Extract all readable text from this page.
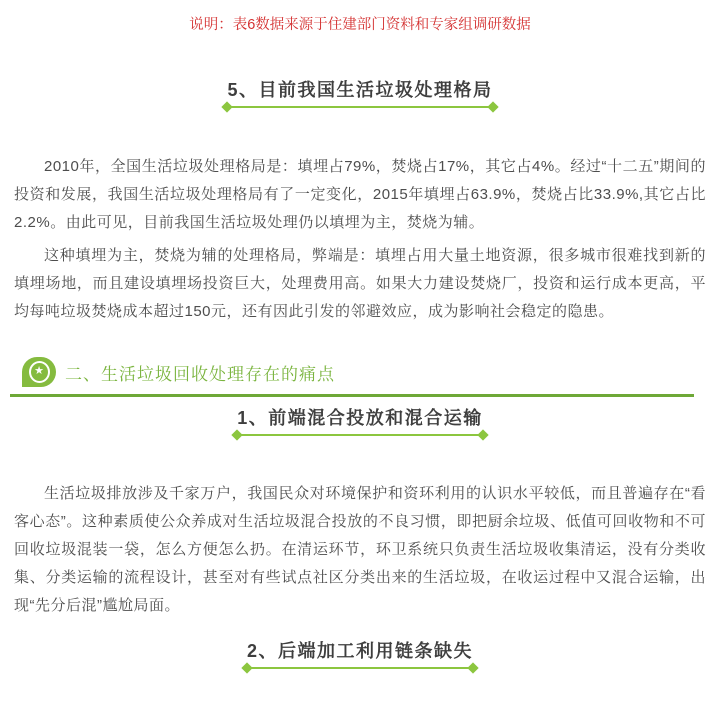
说明：表6数据来源于住建部门资料和专家组调研数据

5、目前我国生活垃圾处理格局

2010年，全国生活垃圾处理格局是：填埋占79%，焚烧占17%，其它占4%。经过“十二五”期间的投资和发展，我国生活垃圾处理格局有了一定变化，2015年填埋占63.9%，焚烧占比33.9%,其它占比2.2%。由此可见，目前我国生活垃圾处理仍以填埋为主，焚烧为辅。

这种填埋为主，焚烧为辅的处理格局，弊端是：填埋占用大量土地资源，很多城市很难找到新的填埋场地，而且建设填埋场投资巨大，处理费用高。如果大力建设焚烧厂，投资和运行成本更高，平均每吨垃圾焚烧成本超过150元，还有因此引发的邻避效应，成为影响社会稳定的隐患。

★	二、生活垃圾回收处理存在的痛点
1、前端混合投放和混合运输

生活垃圾排放涉及千家万户，我国民众对环境保护和资环利用的认识水平较低，而且普遍存在“看客心态”。这种素质使公众养成对生活垃圾混合投放的不良习惯，即把厨余垃圾、低值可回收物和不可回收垃圾混装一袋，怎么方便怎么扔。在清运环节，环卫系统只负责生活垃圾收集清运，没有分类收集、分类运输的流程设计，甚至对有些试点社区分类出来的生活垃圾，在收运过程中又混合运输，出现“先分后混”尴尬局面。

2、后端加工利用链条缺失
